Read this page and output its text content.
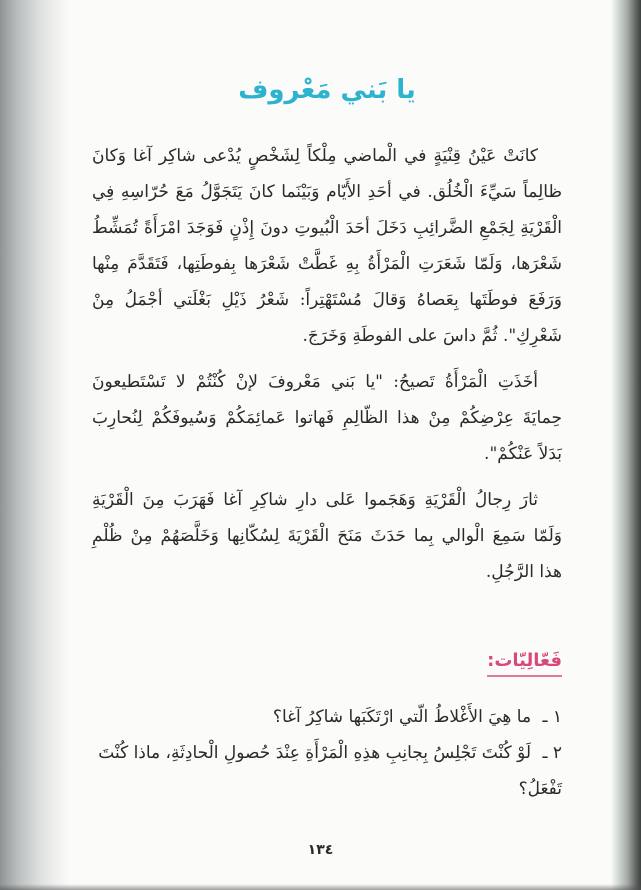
يا بَني مَعْروف

كانَتْ عَيْنُ قِنْيَةٍ في الْماضي مِلْكاً لِشَخْصٍ يُدْعى شاكِر آغا وَكانَ ظالِماً سَيِّءَ الْخُلُق. في أحَدِ الأَيّام وَبَيْنَما كانَ يَتَجَوَّلُ مَعَ حُرّاسِهِ فِي الْقَرْيَةِ لِجَمْعِ الضَّرائِبِ دَخَلَ أحَدَ الْبُيوتِ دونَ إِذْنٍ فَوَجَدَ امْرَأَةً تُمَشِّطُ شَعْرَها، وَلَمّا شَعَرَتِ الْمَرْأَةُ بِهِ غَطَّتْ شَعْرَها بِفوطَتِها، فَتَقَدَّمَ مِنْها وَرَفَعَ فوطَتَها بِعَصاهُ وَقالَ مُسْتَهْتِراً: شَعْرُ ذَيْلِ بَغْلَتي أجْمَلُ مِنْ شَعْرِكِ". ثُمَّ داسَ على الفوطَةِ وَخَرَجَ.

أخَذَتِ الْمَرْأَةُ تَصيحُ: "يا بَني مَعْروفَ لإنْ كُنْتُمْ لا تَسْتَطيعونَ حِمايَةَ عِرْضِكُمْ مِنْ هذا الظّالِمِ فَهاتوا عَمائِمَكُمْ وَسُيوفَكُمْ لِنُحارِبَ بَدَلاً عَنْكُمْ".

ثارَ رِجالُ الْقَرْيَةِ وَهَجَموا عَلى دارِ شاكِرِ آغا فَهَرَبَ مِنَ الْقَرْيَةِ وَلَمّا سَمِعَ الْوالي بِما حَدَثَ مَنَحَ الْقَرْيَةَ لِسُكّانِها وَخَلَّصَهُمْ مِنْ ظُلْمِ هذا الرَّجُلِ.

فَعّالِيّات:
١ ـ ما هِيَ الأَغْلاطُ الّتي ارْتَكَبَها شاكِرُ آغا؟
٢ ـ لَوْ كُنْتَ تَجْلِسُ بِجانِبِ هذِهِ الْمَرْأَةِ عِنْدَ حُصولِ الْحادِثَةِ، ماذا كُنْتَ تَفْعَلُ؟
١٣٤
